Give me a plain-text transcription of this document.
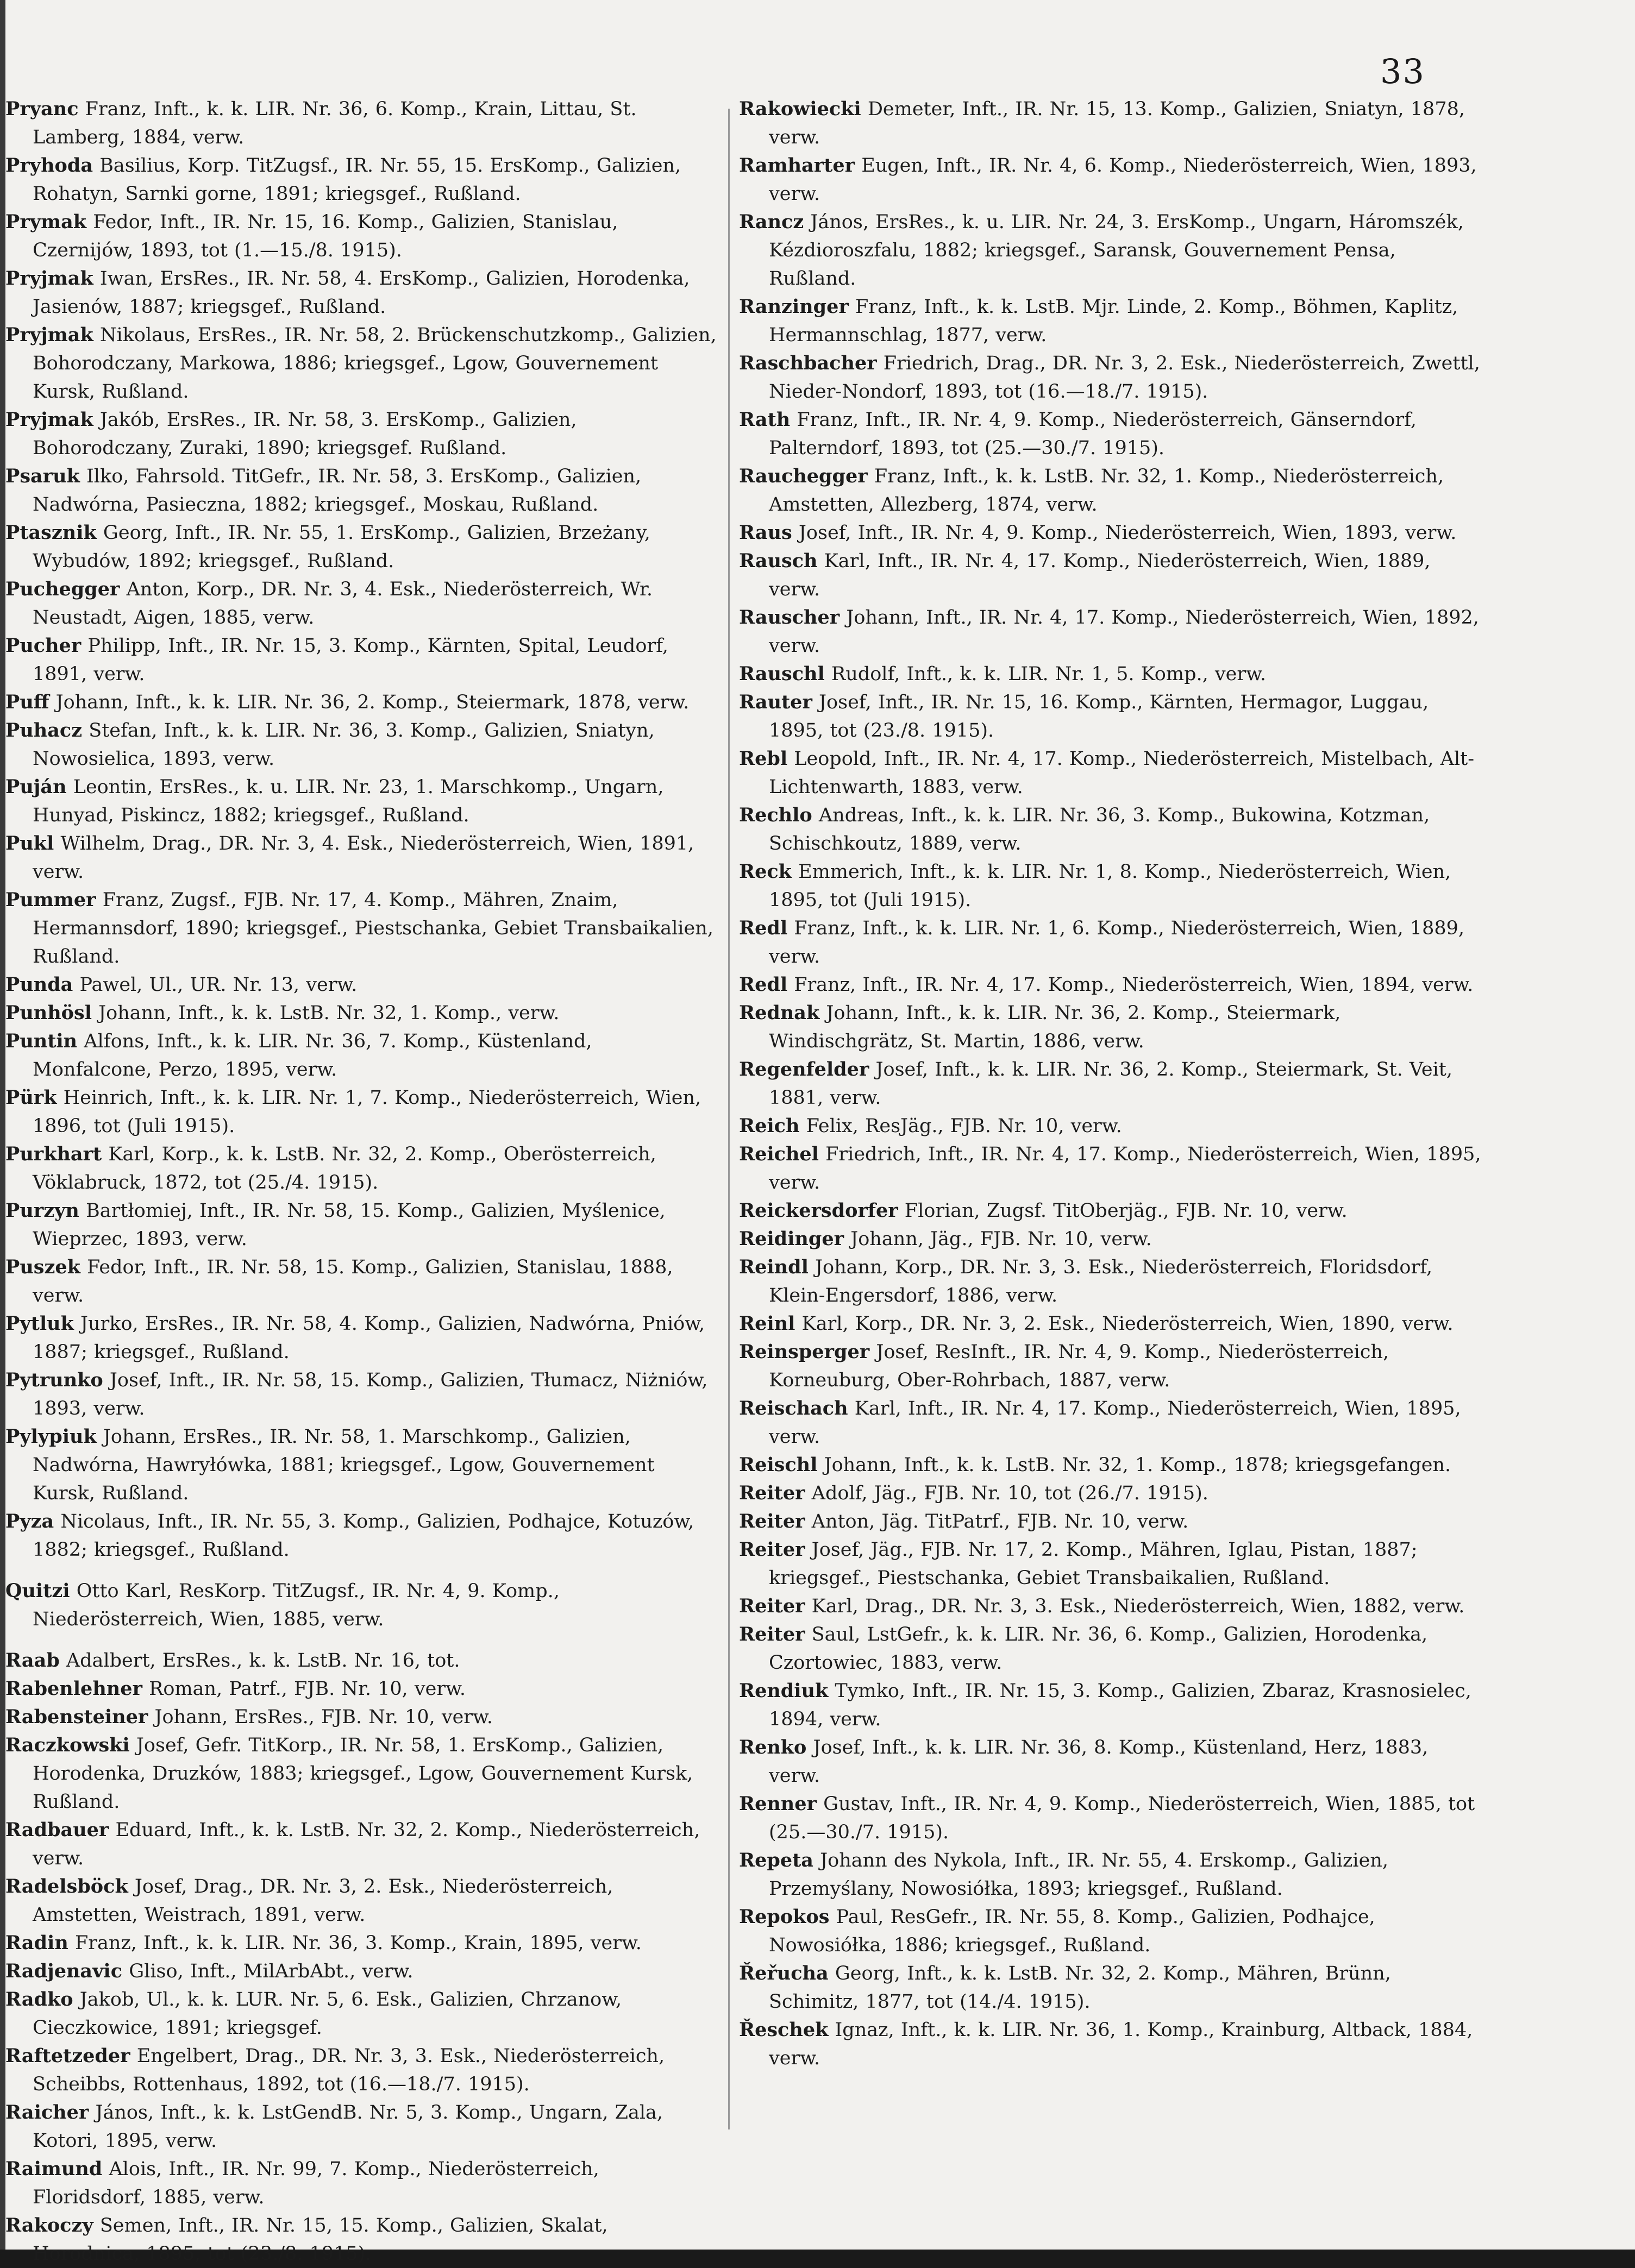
33

Pryanc Franz, Inft., k. k. LIR. Nr. 36, 6. Komp., Krain, Littau, St. Lamberg, 1884, verw.

Pryhoda Basilius, Korp. TitZugsf., IR. Nr. 55, 15. ErsKomp., Galizien, Rohatyn, Sarnki gorne, 1891; kriegsgef., Rußland.

Prymak Fedor, Inft., IR. Nr. 15, 16. Komp., Galizien, Stanislau, Czernijów, 1893, tot (1.—15./8. 1915).

Pryjmak Iwan, ErsRes., IR. Nr. 58, 4. ErsKomp., Galizien, Horodenka, Jasienów, 1887; kriegsgef., Rußland.

Pryjmak Nikolaus, ErsRes., IR. Nr. 58, 2. Brückenschutzkomp., Galizien, Bohorodczany, Markowa, 1886; kriegsgef., Lgow, Gouvernement Kursk, Rußland.

Pryjmak Jakób, ErsRes., IR. Nr. 58, 3. ErsKomp., Galizien, Bohorodczany, Zuraki, 1890; kriegsgef. Rußland.

Psaruk Ilko, Fahrsold. TitGefr., IR. Nr. 58, 3. ErsKomp., Galizien, Nadwórna, Pasieczna, 1882; kriegsgef., Moskau, Rußland.

Ptasznik Georg, Inft., IR. Nr. 55, 1. ErsKomp., Galizien, Brzeżany, Wybudów, 1892; kriegsgef., Rußland.

Puchegger Anton, Korp., DR. Nr. 3, 4. Esk., Niederösterreich, Wr. Neustadt, Aigen, 1885, verw.

Pucher Philipp, Inft., IR. Nr. 15, 3. Komp., Kärnten, Spital, Leudorf, 1891, verw.

Puff Johann, Inft., k. k. LIR. Nr. 36, 2. Komp., Steiermark, 1878, verw.

Puhacz Stefan, Inft., k. k. LIR. Nr. 36, 3. Komp., Galizien, Sniatyn, Nowosielica, 1893, verw.

Puján Leontin, ErsRes., k. u. LIR. Nr. 23, 1. Marschkomp., Ungarn, Hunyad, Piskincz, 1882; kriegsgef., Rußland.

Pukl Wilhelm, Drag., DR. Nr. 3, 4. Esk., Niederösterreich, Wien, 1891, verw.

Pummer Franz, Zugsf., FJB. Nr. 17, 4. Komp., Mähren, Znaim, Hermannsdorf, 1890; kriegsgef., Piestschanka, Gebiet Transbaikalien, Rußland.

Punda Pawel, Ul., UR. Nr. 13, verw.

Punhösl Johann, Inft., k. k. LstB. Nr. 32, 1. Komp., verw.

Puntin Alfons, Inft., k. k. LIR. Nr. 36, 7. Komp., Küstenland, Monfalcone, Perzo, 1895, verw.

Pürk Heinrich, Inft., k. k. LIR. Nr. 1, 7. Komp., Niederösterreich, Wien, 1896, tot (Juli 1915).

Purkhart Karl, Korp., k. k. LstB. Nr. 32, 2. Komp., Oberösterreich, Vöklabruck, 1872, tot (25./4. 1915).

Purzyn Bartłomiej, Inft., IR. Nr. 58, 15. Komp., Galizien, Myślenice, Wieprzec, 1893, verw.

Puszek Fedor, Inft., IR. Nr. 58, 15. Komp., Galizien, Stanislau, 1888, verw.

Pytluk Jurko, ErsRes., IR. Nr. 58, 4. Komp., Galizien, Nadwórna, Pniów, 1887; kriegsgef., Rußland.

Pytrunko Josef, Inft., IR. Nr. 58, 15. Komp., Galizien, Tłumacz, Niżniów, 1893, verw.

Pylypiuk Johann, ErsRes., IR. Nr. 58, 1. Marschkomp., Galizien, Nadwórna, Hawryłówka, 1881; kriegsgef., Lgow, Gouvernement Kursk, Rußland.

Pyza Nicolaus, Inft., IR. Nr. 55, 3. Komp., Galizien, Podhajce, Kotuzów, 1882; kriegsgef., Rußland.

Quitzi Otto Karl, ResKorp. TitZugsf., IR. Nr. 4, 9. Komp., Niederösterreich, Wien, 1885, verw.

Raab Adalbert, ErsRes., k. k. LstB. Nr. 16, tot.

Rabenlehner Roman, Patrf., FJB. Nr. 10, verw.

Rabensteiner Johann, ErsRes., FJB. Nr. 10, verw.

Raczkowski Josef, Gefr. TitKorp., IR. Nr. 58, 1. ErsKomp., Galizien, Horodenka, Druzków, 1883; kriegsgef., Lgow, Gouvernement Kursk, Rußland.

Radbauer Eduard, Inft., k. k. LstB. Nr. 32, 2. Komp., Niederösterreich, verw.

Radelsböck Josef, Drag., DR. Nr. 3, 2. Esk., Niederösterreich, Amstetten, Weistrach, 1891, verw.

Radin Franz, Inft., k. k. LIR. Nr. 36, 3. Komp., Krain, 1895, verw.

Radjenavic Gliso, Inft., MilArbAbt., verw.

Radko Jakob, Ul., k. k. LUR. Nr. 5, 6. Esk., Galizien, Chrzanow, Cieczkowice, 1891; kriegsgef.

Raftetzeder Engelbert, Drag., DR. Nr. 3, 3. Esk., Niederösterreich, Scheibbs, Rottenhaus, 1892, tot (16.—18./7. 1915).

Raicher János, Inft., k. k. LstGendB. Nr. 5, 3. Komp., Ungarn, Zala, Kotori, 1895, verw.

Raimund Alois, Inft., IR. Nr. 99, 7. Komp., Niederösterreich, Floridsdorf, 1885, verw.

Rakoczy Semen, Inft., IR. Nr. 15, 15. Komp., Galizien, Skalat, Horodnica, 1895, tot (23./8. 1915).

Rakowiecki Demeter, Inft., IR. Nr. 15, 13. Komp., Galizien, Sniatyn, 1878, verw.

Ramharter Eugen, Inft., IR. Nr. 4, 6. Komp., Niederösterreich, Wien, 1893, verw.

Rancz János, ErsRes., k. u. LIR. Nr. 24, 3. ErsKomp., Ungarn, Háromszék, Kézdioroszfalu, 1882; kriegsgef., Saransk, Gouvernement Pensa, Rußland.

Ranzinger Franz, Inft., k. k. LstB. Mjr. Linde, 2. Komp., Böhmen, Kaplitz, Hermannschlag, 1877, verw.

Raschbacher Friedrich, Drag., DR. Nr. 3, 2. Esk., Niederösterreich, Zwettl, Nieder-Nondorf, 1893, tot (16.—18./7. 1915).

Rath Franz, Inft., IR. Nr. 4, 9. Komp., Niederösterreich, Gänserndorf, Palterndorf, 1893, tot (25.—30./7. 1915).

Rauchegger Franz, Inft., k. k. LstB. Nr. 32, 1. Komp., Niederösterreich, Amstetten, Allezberg, 1874, verw.

Raus Josef, Inft., IR. Nr. 4, 9. Komp., Niederösterreich, Wien, 1893, verw.

Rausch Karl, Inft., IR. Nr. 4, 17. Komp., Niederösterreich, Wien, 1889, verw.

Rauscher Johann, Inft., IR. Nr. 4, 17. Komp., Niederösterreich, Wien, 1892, verw.

Rauschl Rudolf, Inft., k. k. LIR. Nr. 1, 5. Komp., verw.

Rauter Josef, Inft., IR. Nr. 15, 16. Komp., Kärnten, Hermagor, Luggau, 1895, tot (23./8. 1915).

Rebl Leopold, Inft., IR. Nr. 4, 17. Komp., Niederösterreich, Mistelbach, Alt-Lichtenwarth, 1883, verw.

Rechlo Andreas, Inft., k. k. LIR. Nr. 36, 3. Komp., Bukowina, Kotzman, Schischkoutz, 1889, verw.

Reck Emmerich, Inft., k. k. LIR. Nr. 1, 8. Komp., Niederösterreich, Wien, 1895, tot (Juli 1915).

Redl Franz, Inft., k. k. LIR. Nr. 1, 6. Komp., Niederösterreich, Wien, 1889, verw.

Redl Franz, Inft., IR. Nr. 4, 17. Komp., Niederösterreich, Wien, 1894, verw.

Rednak Johann, Inft., k. k. LIR. Nr. 36, 2. Komp., Steiermark, Windischgrätz, St. Martin, 1886, verw.

Regenfelder Josef, Inft., k. k. LIR. Nr. 36, 2. Komp., Steiermark, St. Veit, 1881, verw.

Reich Felix, ResJäg., FJB. Nr. 10, verw.

Reichel Friedrich, Inft., IR. Nr. 4, 17. Komp., Niederösterreich, Wien, 1895, verw.

Reickersdorfer Florian, Zugsf. TitOberjäg., FJB. Nr. 10, verw.

Reidinger Johann, Jäg., FJB. Nr. 10, verw.

Reindl Johann, Korp., DR. Nr. 3, 3. Esk., Niederösterreich, Floridsdorf, Klein-Engersdorf, 1886, verw.

Reinl Karl, Korp., DR. Nr. 3, 2. Esk., Niederösterreich, Wien, 1890, verw.

Reinsperger Josef, ResInft., IR. Nr. 4, 9. Komp., Niederösterreich, Korneuburg, Ober-Rohrbach, 1887, verw.

Reischach Karl, Inft., IR. Nr. 4, 17. Komp., Niederösterreich, Wien, 1895, verw.

Reischl Johann, Inft., k. k. LstB. Nr. 32, 1. Komp., 1878; kriegsgefangen.

Reiter Adolf, Jäg., FJB. Nr. 10, tot (26./7. 1915).

Reiter Anton, Jäg. TitPatrf., FJB. Nr. 10, verw.

Reiter Josef, Jäg., FJB. Nr. 17, 2. Komp., Mähren, Iglau, Pistan, 1887; kriegsgef., Piestschanka, Gebiet Transbaikalien, Rußland.

Reiter Karl, Drag., DR. Nr. 3, 3. Esk., Niederösterreich, Wien, 1882, verw.

Reiter Saul, LstGefr., k. k. LIR. Nr. 36, 6. Komp., Galizien, Horodenka, Czortowiec, 1883, verw.

Rendiuk Tymko, Inft., IR. Nr. 15, 3. Komp., Galizien, Zbaraz, Krasnosielec, 1894, verw.

Renko Josef, Inft., k. k. LIR. Nr. 36, 8. Komp., Küstenland, Herz, 1883, verw.

Renner Gustav, Inft., IR. Nr. 4, 9. Komp., Niederösterreich, Wien, 1885, tot (25.—30./7. 1915).

Repeta Johann des Nykola, Inft., IR. Nr. 55, 4. Erskomp., Galizien, Przemyślany, Nowosiółka, 1893; kriegsgef., Rußland.

Repokos Paul, ResGefr., IR. Nr. 55, 8. Komp., Galizien, Podhajce, Nowosiółka, 1886; kriegsgef., Rußland.

Řeřucha Georg, Inft., k. k. LstB. Nr. 32, 2. Komp., Mähren, Brünn, Schimitz, 1877, tot (14./4. 1915).

Řeschek Ignaz, Inft., k. k. LIR. Nr. 36, 1. Komp., Krainburg, Altback, 1884, verw.
